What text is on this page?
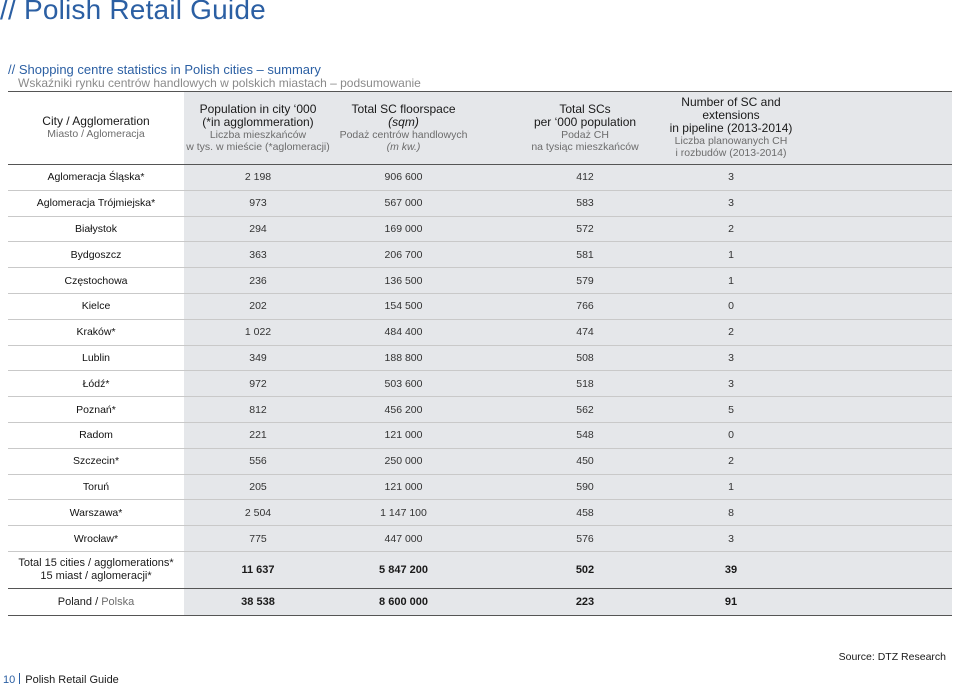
// Polish Retail Guide
// Shopping centre statistics in Polish cities – summary
Wskaźniki rynku centrów handlowych w polskich miastach – podsumowanie
City / Agglomeration
Miasto / Aglomeracja	Population in city ‘000
(*in agglommeration)
Liczba mieszkańców
w tys. w mieście (*aglomeracji)	Total SC floorspace
(sqm)
Podaż centrów handlowych
(m kw.)		Total SCs
per ‘000 population
Podaż CH
na tysiąc mieszkańców	Number of SC and extensions
in pipeline (2013-2014)
Liczba planowanych CH
i rozbudów (2013-2014)	

Aglomeracja Śląska*	2 198	906 600		412	3	
Aglomeracja Trójmiejska*	973	567 000		583	3	
Białystok	294	169 000		572	2	
Bydgoszcz	363	206 700		581	1	
Częstochowa	236	136 500		579	1	
Kielce	202	154 500		766	0	
Kraków*	1 022	484 400		474	2	
Lublin	349	188 800		508	3	
Łódź*	972	503 600		518	3	
Poznań*	812	456 200		562	5	
Radom	221	121 000		548	0	
Szczecin*	556	250 000		450	2	
Toruń	205	121 000		590	1	
Warszawa*	2 504	1 147 100		458	8	
Wrocław*	775	447 000		576	3	

Total 15 cities / agglomerations*
15 miast / aglomeracji*	11 637	5 847 200		502	39	
Poland / Polska	38 538	8 600 000		223	91	
Source: DTZ Research
10 Polish Retail Guide
